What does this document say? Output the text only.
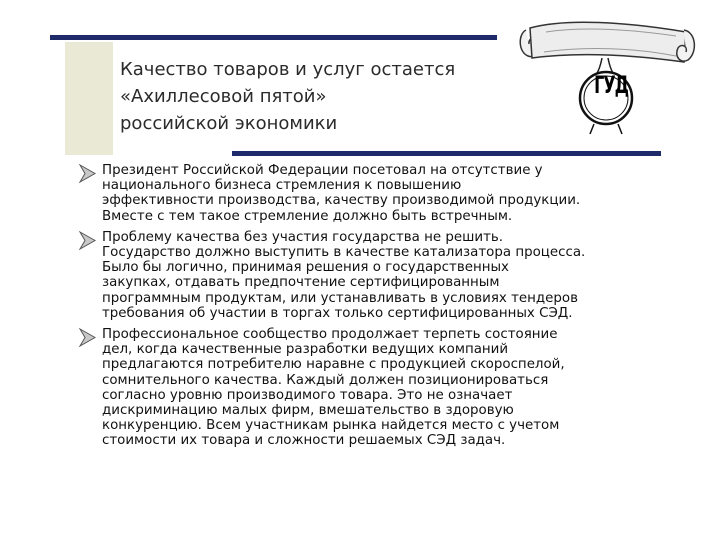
Качество товаров и услуг остается
«Ахиллесовой пятой»
российской экономики
ГУД
Президент Российской Федерации посетовал на отсутствие у
национального бизнеса стремления к повышению
эффективности производства, качеству производимой продукции.
Вместе с тем такое стремление должно быть встречным.
Проблему качества без участия государства не решить.
Государство должно выступить в качестве катализатора процесса.
Было бы логично, принимая решения о государственных
закупках, отдавать предпочтение сертифицированным
программным продуктам, или устанавливать в условиях тендеров
требования об участии в торгах только сертифицированных СЭД.
Профессиональное сообщество продолжает терпеть состояние
дел, когда качественные разработки ведущих компаний
предлагаются потребителю наравне с продукцией скороспелой,
сомнительного качества. Каждый должен позиционироваться
согласно уровню производимого товара. Это не означает
дискриминацию малых фирм, вмешательство в здоровую
конкуренцию. Всем участникам рынка найдется место с учетом
стоимости их товара и сложности решаемых СЭД задач.
